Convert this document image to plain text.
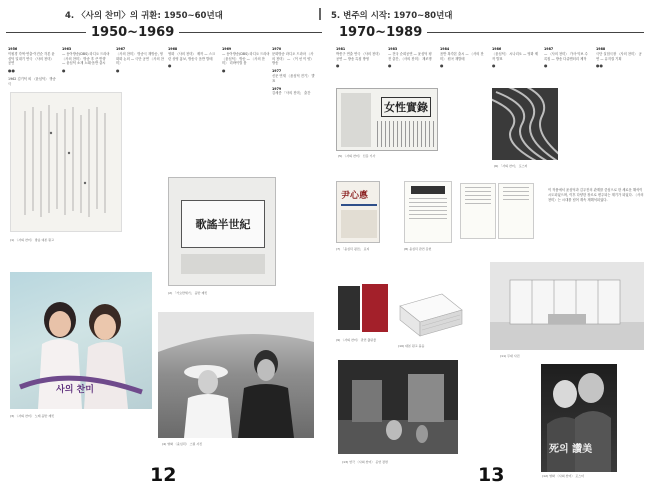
4. 〈사의 찬미〉의 귀환: 1950~60년대
1950~1969
1956
이원경 각색·연출·이진순 각본 윤심덕 일대기 연극 〈사의 찬미〉 공연
●●
1962 김기덕 외 〈윤심덕〉 방송극
1963
— 동아방송(DBS) 라디오 드라마 〈사의 찬미〉 방송 후 큰 반향 — 윤심덕 소재 노래·음반 출시
●
1967
〈사의 찬미〉 방송극 재방송, 영화화 논의 — 극단 공연 〈사의 찬미〉
●
1968
영화 〈사의 찬미〉 제작 — 스크린 상영 홍보, 방송극 음반 발매
●
1969
— 동아방송(DBS) 라디오 드라마 〈윤심덕〉 방송 — 〈사의 찬미〉 리바이벌 붐
●
(1) 〈사의 찬미〉 방송 대본 원고
歌謠半世紀
(2) 「가요반세기」 음반 재킷
사의 찬미
(3) 〈사의 찬미〉 노래 음반 재킷
(4) 영화 〈윤심덕〉 스틸 사진
12
5. 변주의 시작: 1970~80년대
1970~1989
1970
문화방송 라디오 드라마 〈사의 찬미〉 — 〈이 선 이 양〉 방송
1977
신문 연재 〈윤심덕 전기〉 발표
1979
김세종 「사의 찬미」 출간
1981
박종구 연출 연극 〈사의 찬미〉 공연 — 방송 특집 방영
●
1983
— 전국 순회공연 — 윤심덕 평전 출간, 〈사의 찬미〉 재조명
●
1984
음반 복각본 출시 — 〈사의 찬미〉 원곡 재발매
●
1986
〈윤심덕〉 시나리오 — 영화 제작 발표
●
1987
— 〈사의 찬미〉 가사·악보 수록집 — 방송 다큐멘터리 제작
●
1988
극단 실험극장 〈사의 찬미〉 공연 — 뮤지컬 기획
●●
女性實錄
(5) 〈사의 찬미〉 신문 기사
(6) 「사의 찬미」 포스터
尹心悳
(7) 「윤심덕 평전」 표지	(8) 윤심덕 관련 문헌
이 작품에서 윤심덕과 김우진의 관계를 중심으로 한 새로운 해석이 시도되었으며, 이후 다양한 장르로 변주되는 계기가 되었다. 〈사의 찬미〉는 시대를 넘어 계속 재해석되었다.
(9) 〈사의 찬미〉 관련 출판물
(10) 대본 원고 묶음
(11) 무대 사진
(13) 연극 〈사의 찬미〉 공연 장면
死의 讚美
(12) 영화 〈사의 찬미〉 포스터
13
